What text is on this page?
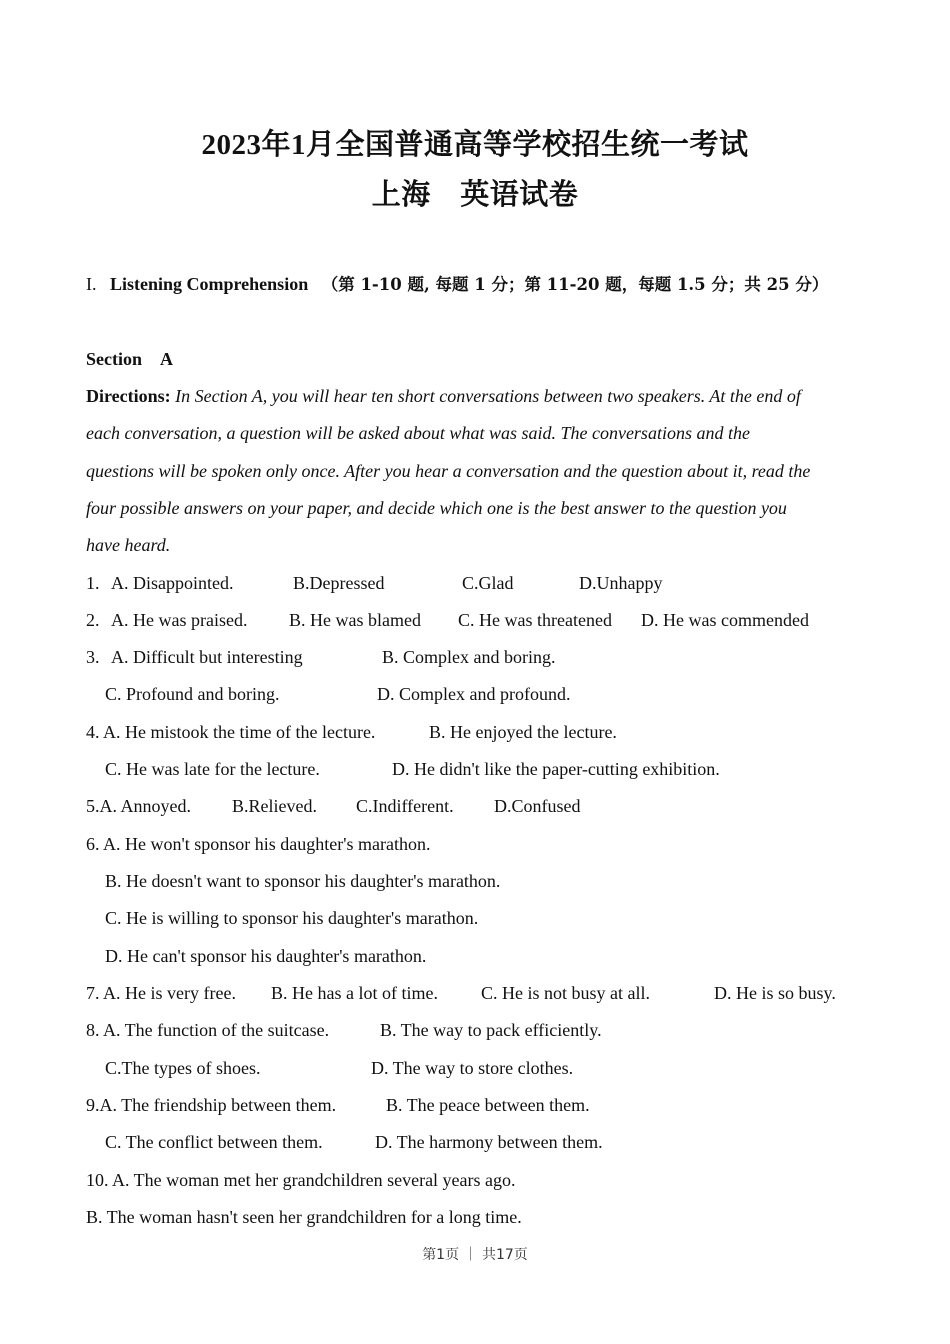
2023年1月全国普通高等学校招生统一考试
上海　英语试卷
I. Listening Comprehension （第 1-10 题, 每题 1 分；第 11-20 题，每题 1.5 分；共 25 分）
Section　A
Directions: In Section A, you will hear ten short conversations between two speakers. At the end of
each conversation, a question will be asked about what was said. The conversations and the
questions will be spoken only once. After you hear a conversation and the question about it, read the
four possible answers on your paper, and decide which one is the best answer to the question you
have heard.
1. A. Disappointed.	B.Depressed	C.Glad	D.Unhappy
2. A. He was praised. B. He was blamed C. He was threatened D. He was commended
3. A. Difficult but interesting	B. Complex and boring.
C. Profound and boring.	D. Complex and profound.
4. A. He mistook the time of the lecture.	B. He enjoyed the lecture.
C. He was late for the lecture.	D. He didn't like the paper-cutting exhibition.
5.A. Annoyed. B.Relieved. C.Indifferent. D.Confused
6. A. He won't sponsor his daughter's marathon.
B. He doesn't want to sponsor his daughter's marathon.
C. He is willing to sponsor his daughter's marathon.
D. He can't sponsor his daughter's marathon.
7. A. He is very free. B. He has a lot of time. C. He is not busy at all.	D. He is so busy.
8. A. The function of the suitcase.	B. The way to pack efficiently.
C.The types of shoes.	D. The way to store clothes.
9.A. The friendship between them.	B. The peace between them.
C. The conflict between them.	D. The harmony between them.
10. A. The woman met her grandchildren several years ago.
B. The woman hasn't seen her grandchildren for a long time.
第1页 ｜ 共17页
